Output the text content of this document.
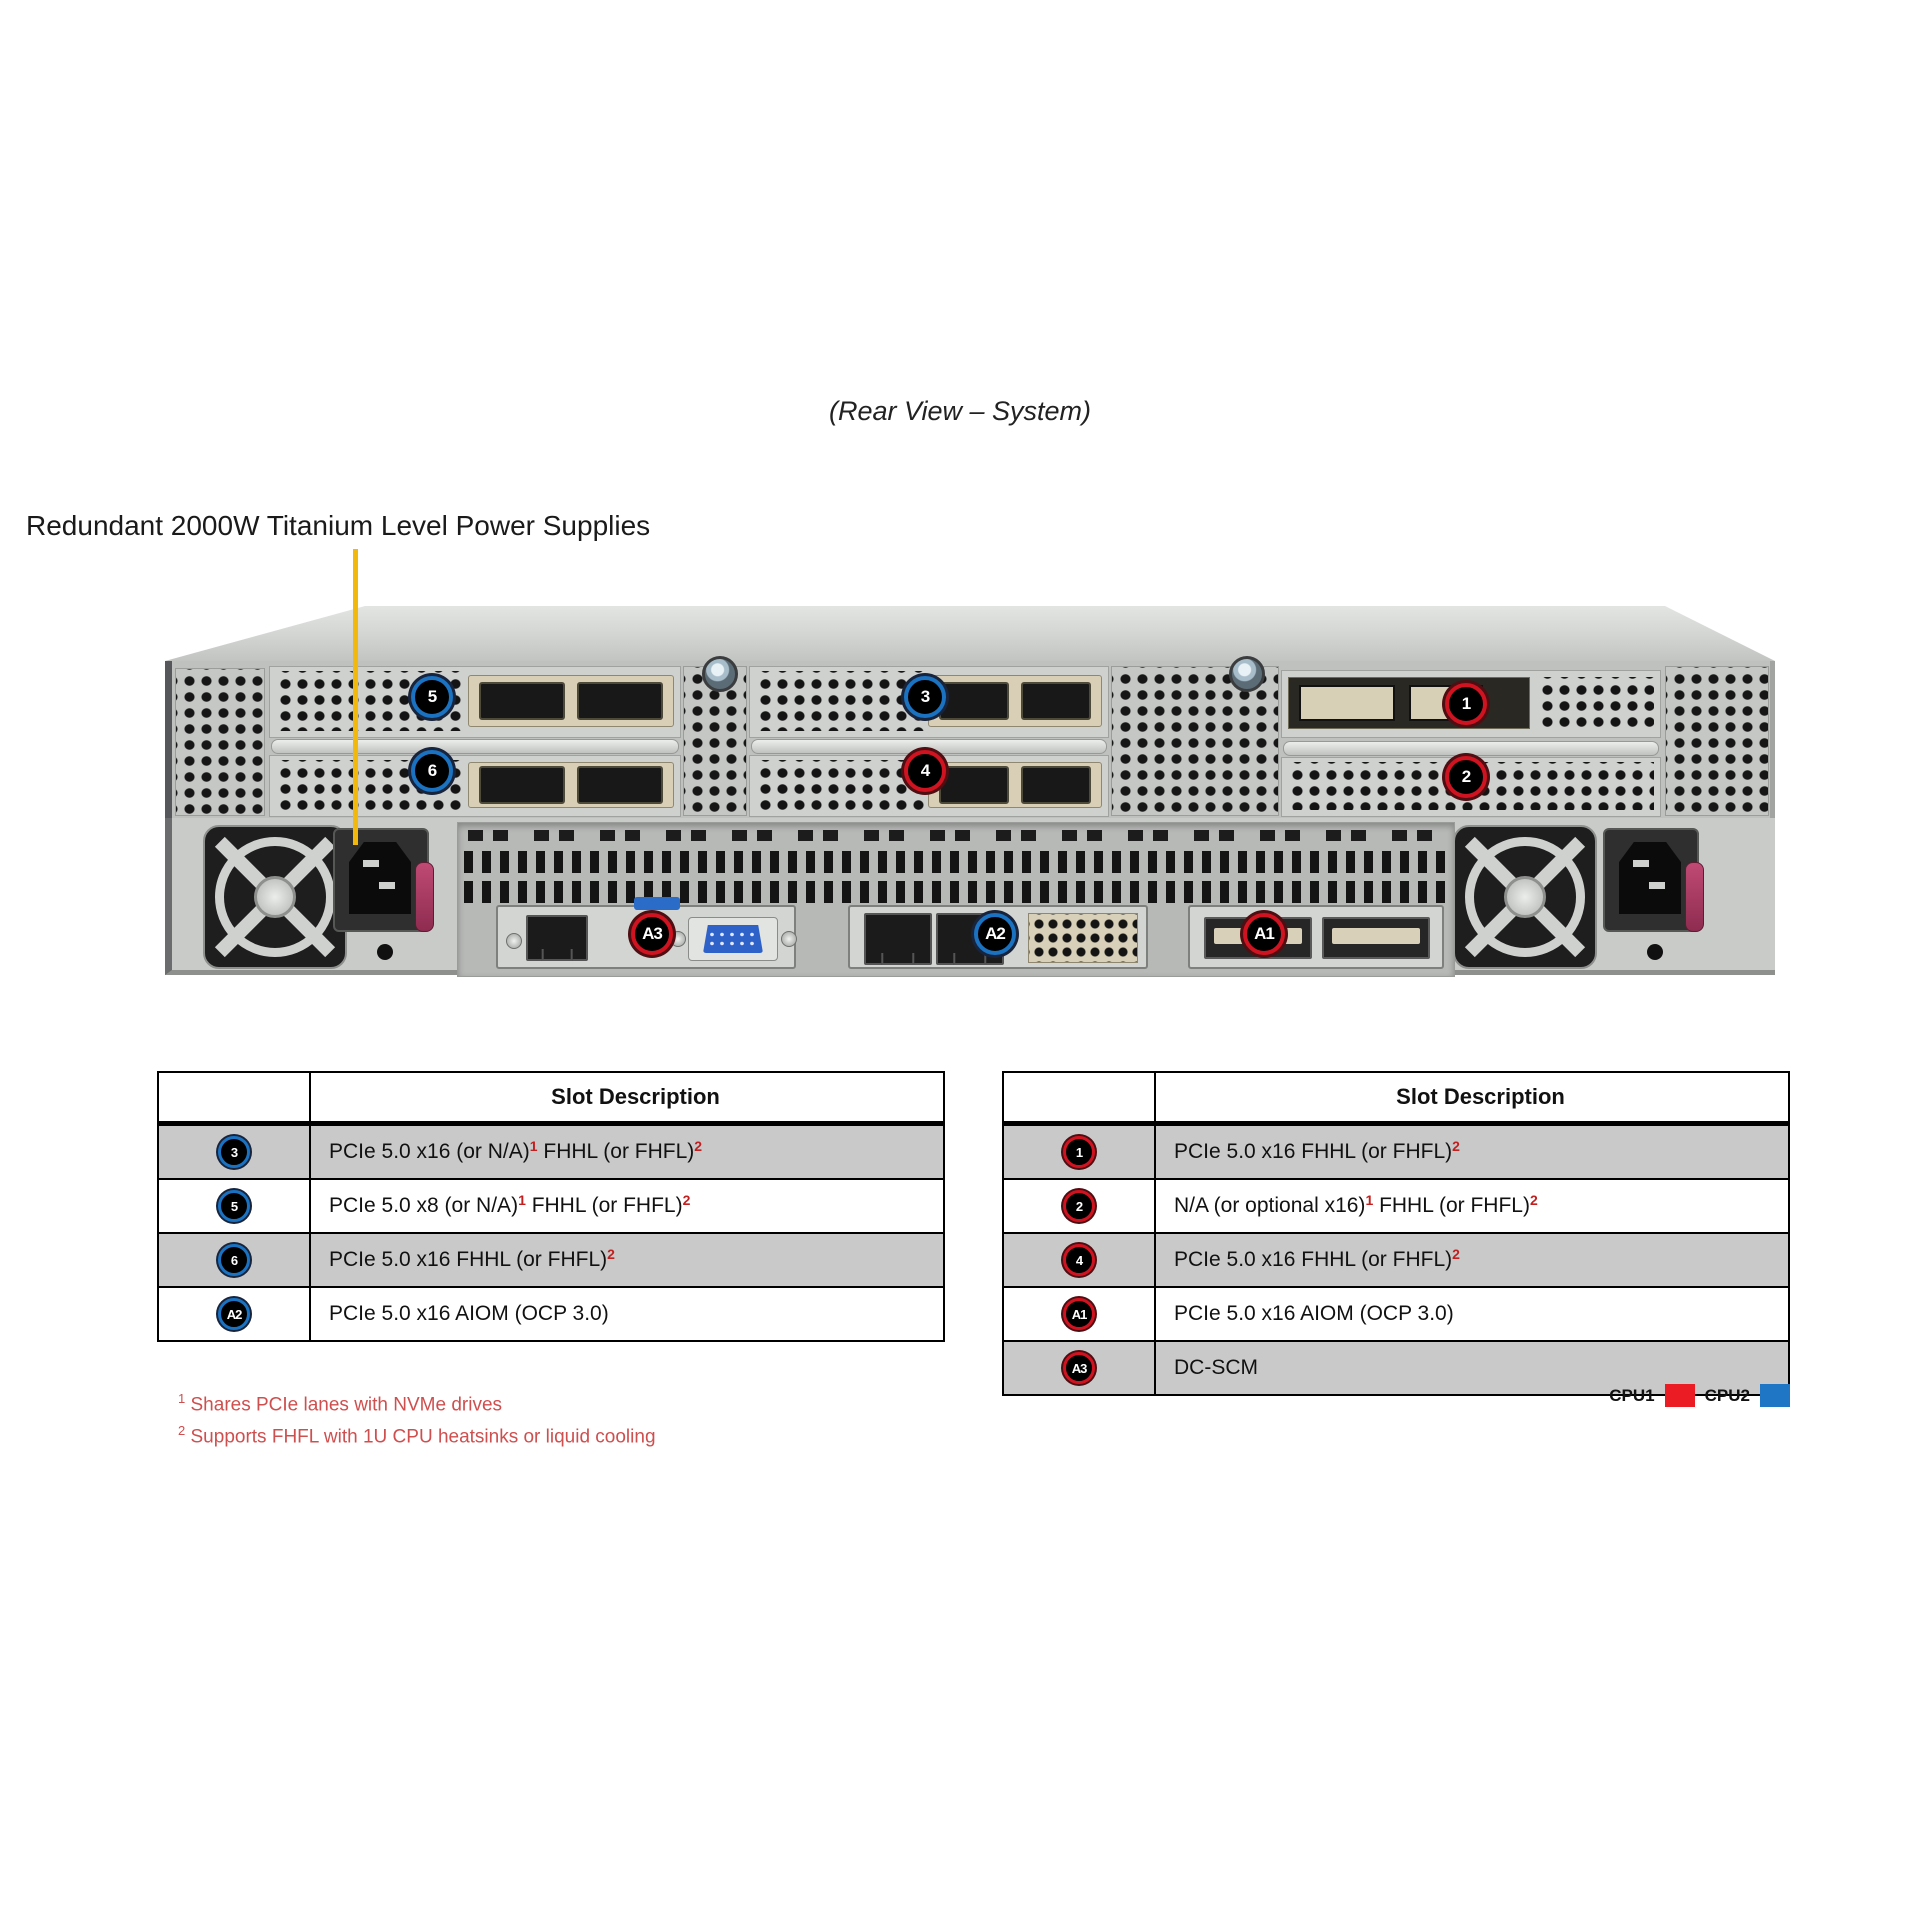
(Rear View – System)
Redundant 2000W Titanium Level Power Supplies
5
6
3
4
1
2
A3	A2	A1
	Slot Description
3	PCIe 5.0 x16 (or N/A)$^1$ FHHL (or FHFL)$^2$
5	PCIe 5.0 x8 (or N/A)$^1$ FHHL (or FHFL)$^2$
6	PCIe 5.0 x16 FHHL (or FHFL)$^2$
A2	PCIe 5.0 x16 AIOM (OCP 3.0)
	Slot Description
1	PCIe 5.0 x16 FHHL (or FHFL)$^2$
2	N/A (or optional x16)$^1$ FHHL (or FHFL)$^2$
4	PCIe 5.0 x16 FHHL (or FHFL)$^2$
A1	PCIe 5.0 x16 AIOM (OCP 3.0)
A3	DC-SCM
$^1$ Shares PCIe lanes with NVMe drives
$^2$ Supports FHFL with 1U CPU heatsinks or liquid cooling
CPU1	CPU2
